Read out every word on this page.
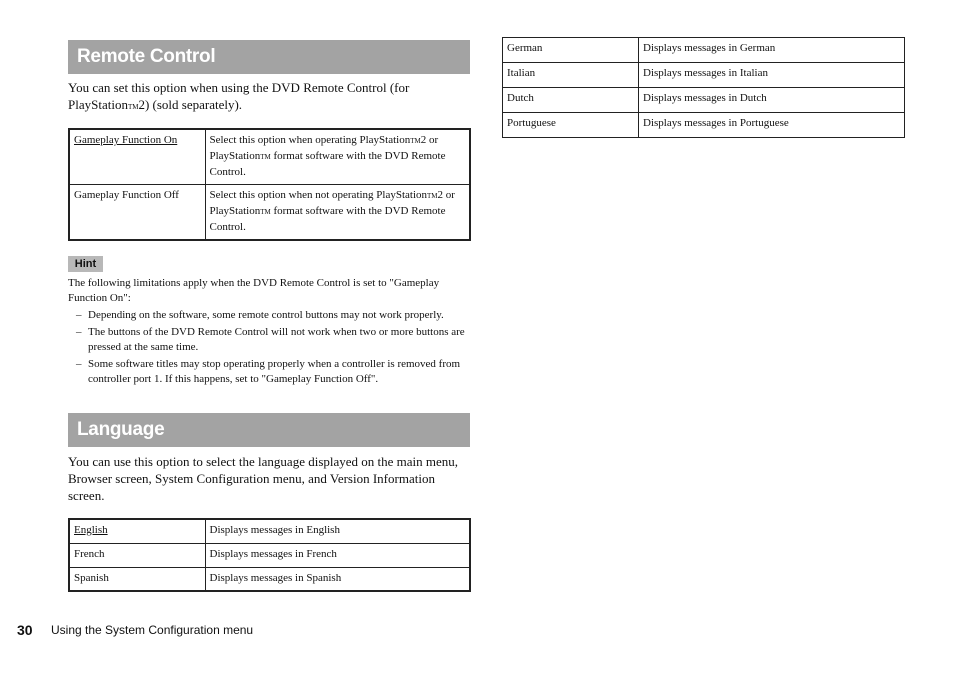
Remote Control
You can set this option when using the DVD Remote Control (for PlayStationTM2) (sold separately).
Gameplay Function On	Select this option when operating PlayStationTM2 or PlayStationTM format software with the DVD Remote Control.
Gameplay Function Off	Select this option when not operating PlayStationTM2 or PlayStationTM format software with the DVD Remote Control.
Hint
The following limitations apply when the DVD Remote Control is set to "Gameplay Function On":
– Depending on the software, some remote control buttons may not work properly.
– The buttons of the DVD Remote Control will not work when two or more buttons are pressed at the same time.
– Some software titles may stop operating properly when a controller is removed from controller port 1. If this happens, set to "Gameplay Function Off".
Language
You can use this option to select the language displayed on the main menu, Browser screen, System Configuration menu, and Version Information screen.
English	Displays messages in English
French	Displays messages in French
Spanish	Displays messages in Spanish
German	Displays messages in German
Italian	Displays messages in Italian
Dutch	Displays messages in Dutch
Portuguese	Displays messages in Portuguese
30 Using the System Configuration menu
